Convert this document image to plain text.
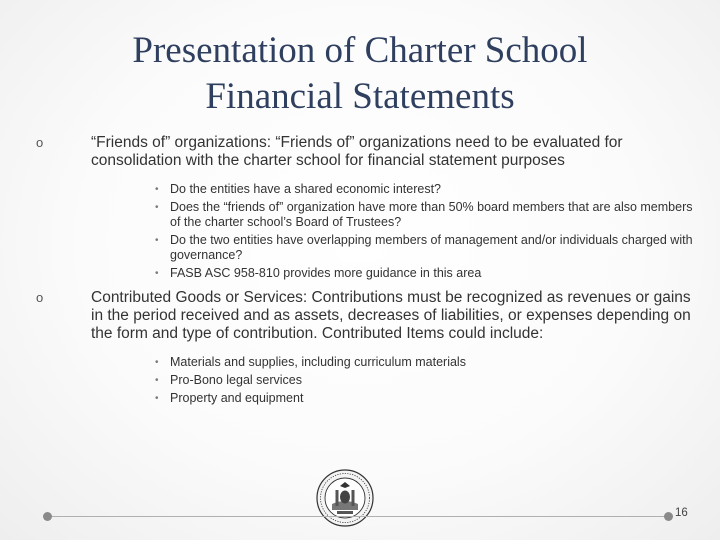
Presentation of Charter School
Financial Statements
o	“Friends of” organizations: “Friends of” organizations need to be evaluated for consolidation with the charter school for financial statement purposes
• Do the entities have a shared economic interest?
• Does the “friends of” organization have more than 50% board members that are also members of the charter school’s Board of Trustees?
• Do the two entities have overlapping members of management and/or individuals charged with governance?
• FASB ASC 958-810 provides more guidance in this area
o	Contributed Goods or Services: Contributions must be recognized as revenues or gains in the period received and as assets, decreases of liabilities, or expenses depending on the form and type of contribution. Contributed Items could include:
• Materials and supplies, including curriculum materials
• Pro-Bono legal services
• Property and equipment
16
